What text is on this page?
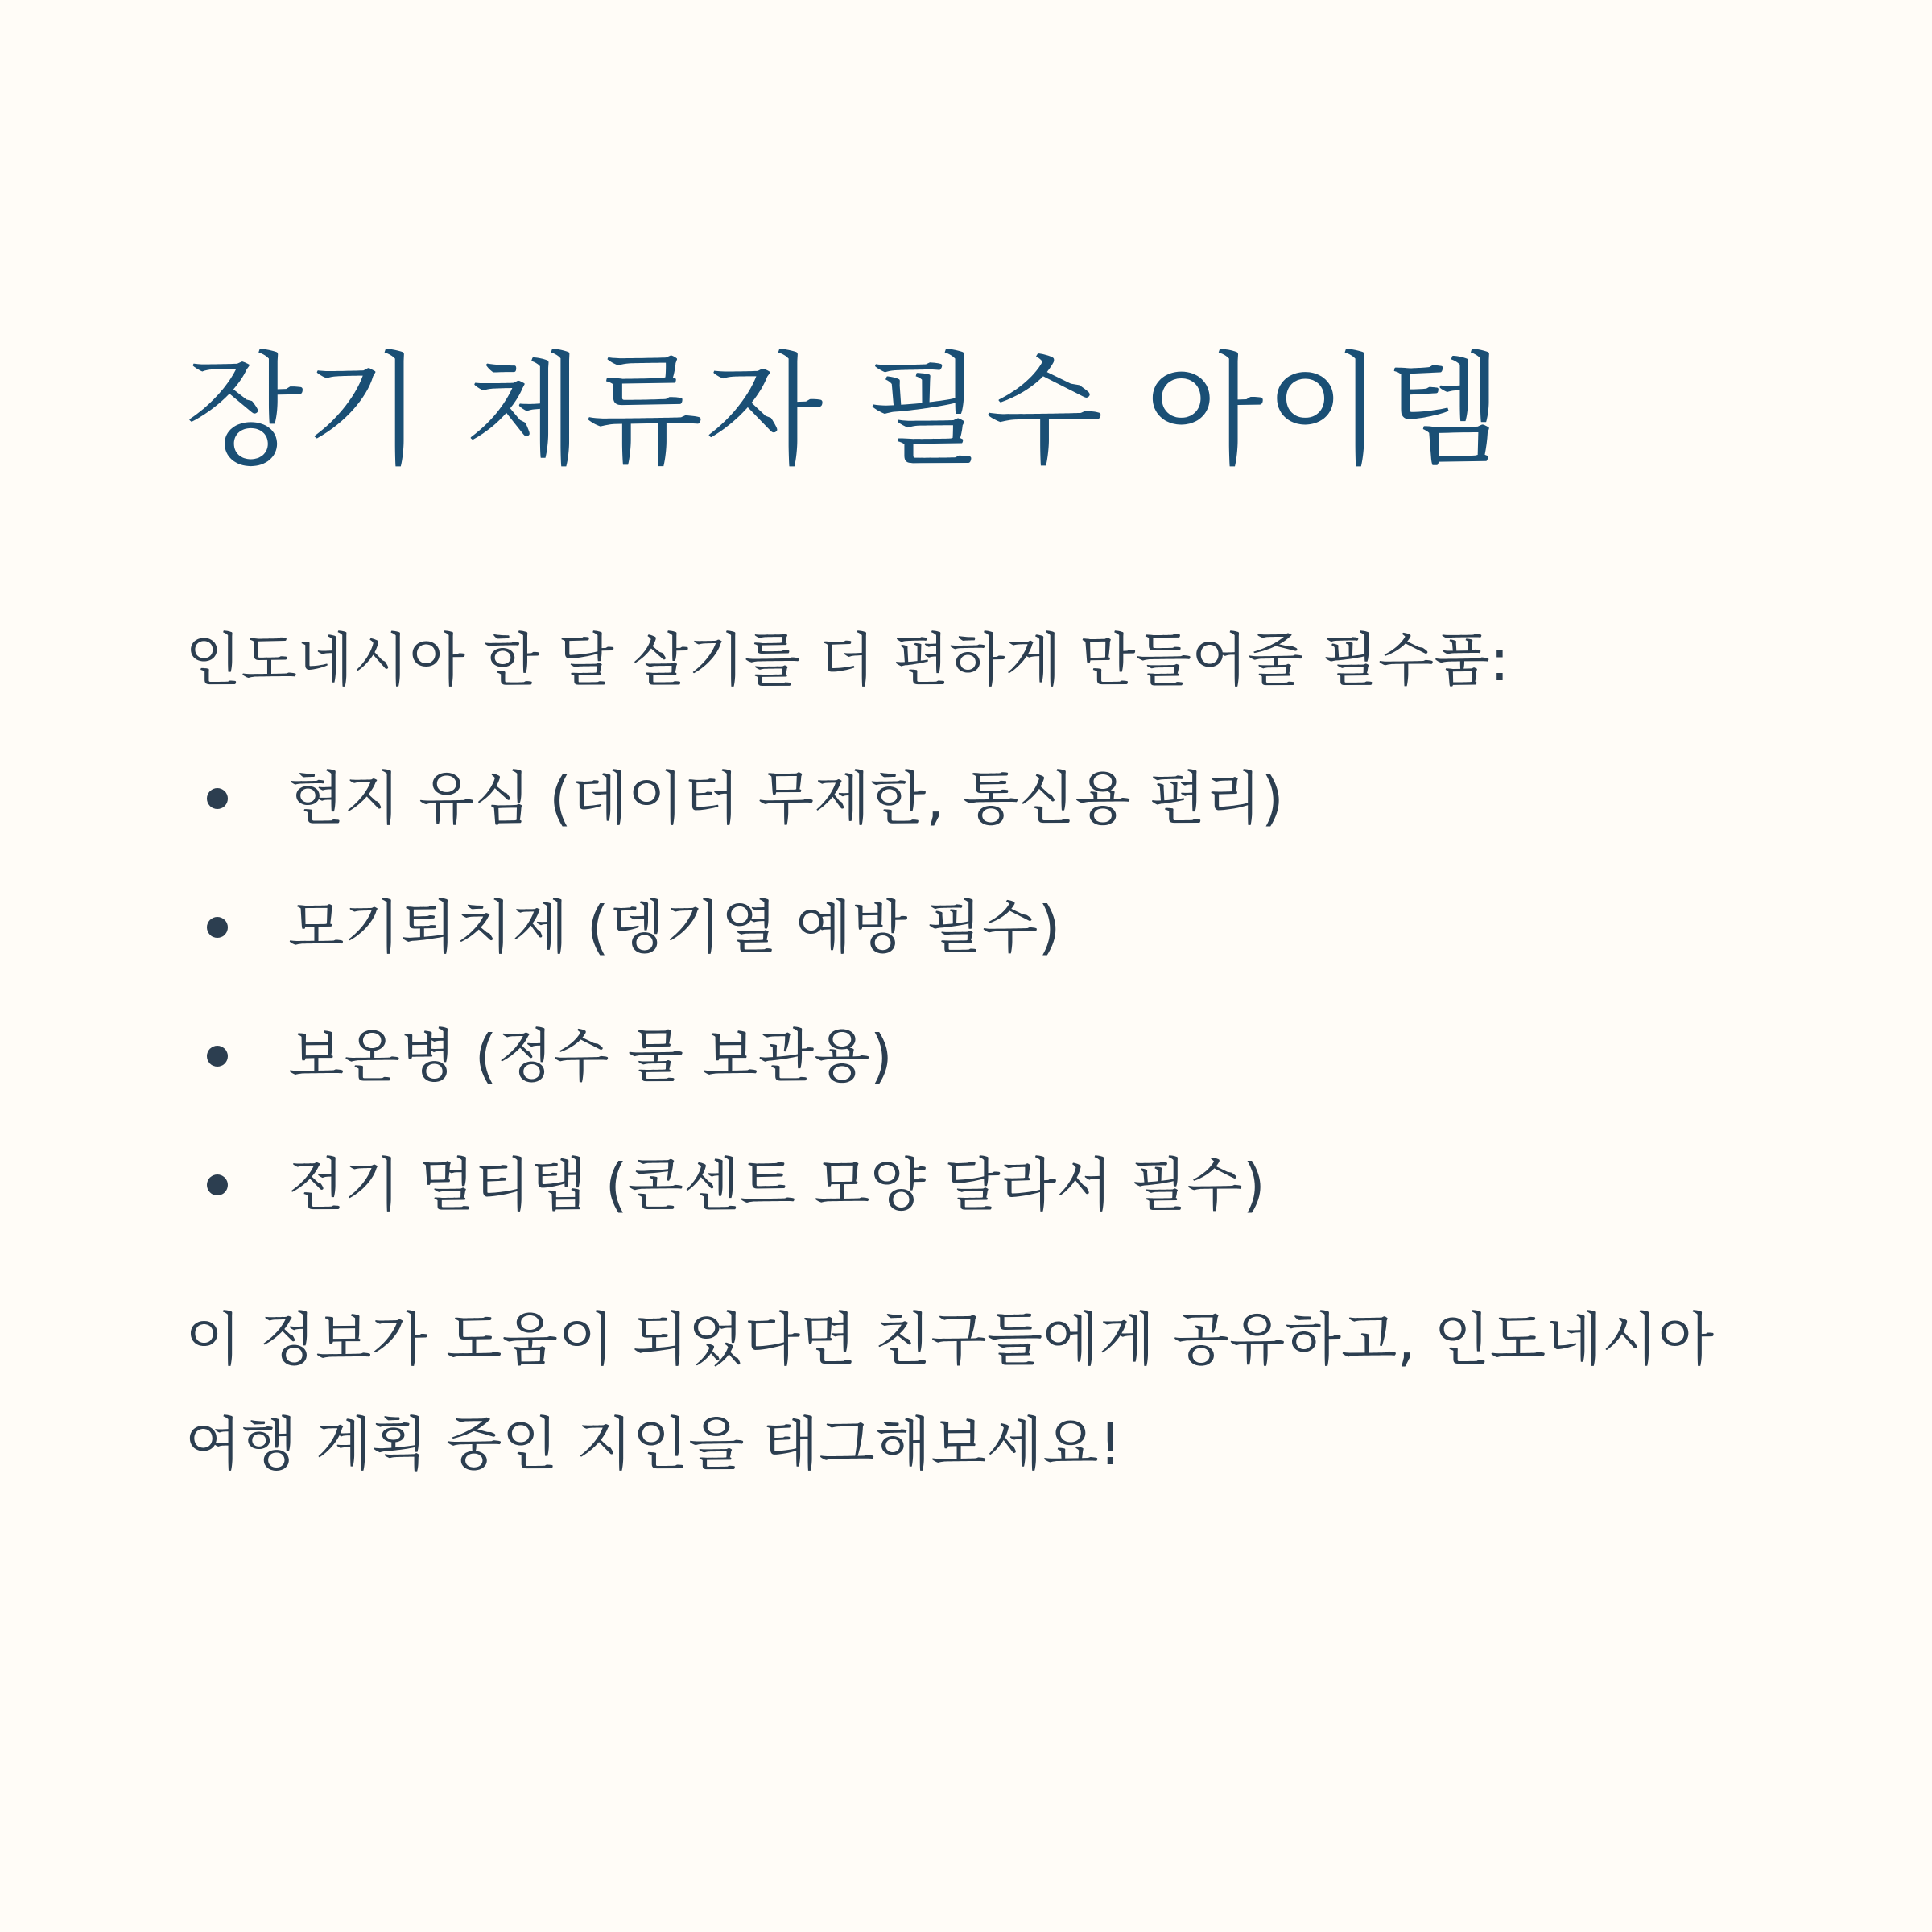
장기 체류자 필수 아이템

인도네시아 한 달 살기를 더 편하게 만들어줄 필수품:

현지 유심 (데이터 무제한, 통신용 편리)
모기퇴치제 (뎅기열 예방 필수)
보온병 (정수 물 보관용)
전기 멀티탭 (콘센트 모양 달라서 필수)

이 정보가 도움이 되었다면 친구들에게 공유하고, 인도네시아 여행 계획 중인 지인을 태그해보세요!
